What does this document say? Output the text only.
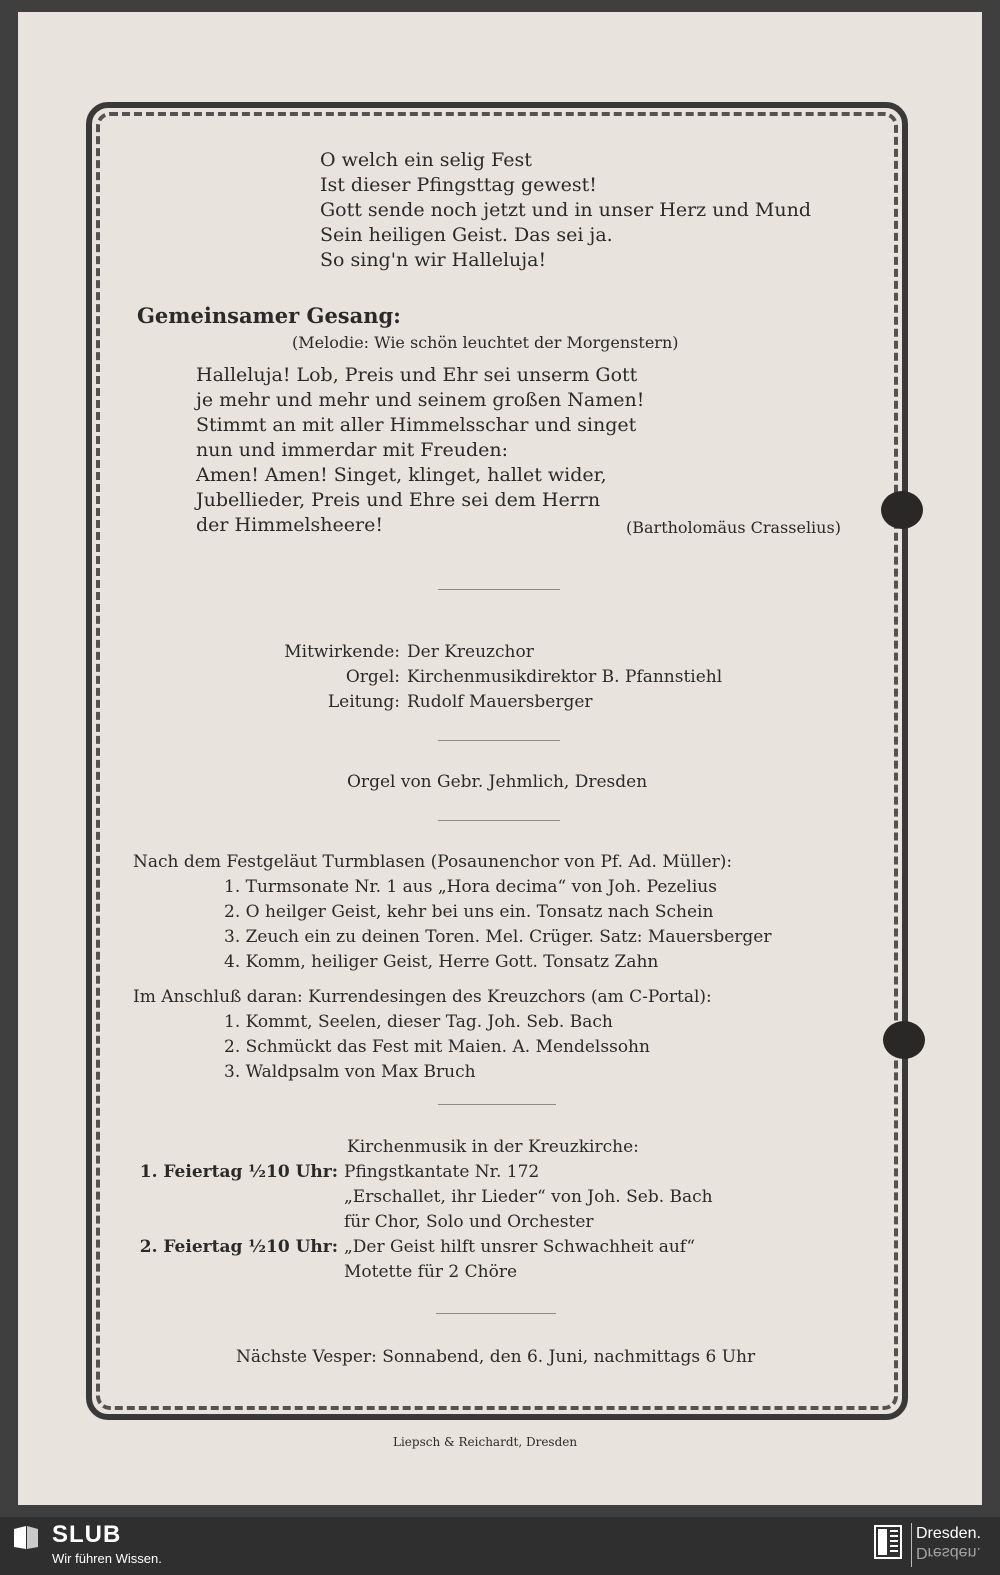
O welch ein selig Fest
Ist dieser Pfingsttag gewest!
Gott sende noch jetzt und in unser Herz und Mund
Sein heiligen Geist. Das sei ja.
So sing'n wir Halleluja!
Gemeinsamer Gesang:
(Melodie: Wie schön leuchtet der Morgenstern)
Halleluja! Lob, Preis und Ehr sei unserm Gott
je mehr und mehr und seinem großen Namen!
Stimmt an mit aller Himmelsschar und singet
nun und immerdar mit Freuden:
Amen! Amen! Singet, klinget, hallet wider,
Jubellieder, Preis und Ehre sei dem Herrn
der Himmelsheere!	(Bartholomäus Crasselius)
Mitwirkende: Der Kreuzchor
Orgel: Kirchenmusikdirektor B. Pfannstiehl
Leitung: Rudolf Mauersberger
Orgel von Gebr. Jehmlich, Dresden
Nach dem Festgeläut Turmblasen (Posaunenchor von Pf. Ad. Müller):
1. Turmsonate Nr. 1 aus „Hora decima“ von Joh. Pezelius
2. O heilger Geist, kehr bei uns ein. Tonsatz nach Schein
3. Zeuch ein zu deinen Toren. Mel. Crüger. Satz: Mauersberger
4. Komm, heiliger Geist, Herre Gott. Tonsatz Zahn
Im Anschluß daran: Kurrendesingen des Kreuzchors (am C-Portal):
1. Kommt, Seelen, dieser Tag. Joh. Seb. Bach
2. Schmückt das Fest mit Maien. A. Mendelssohn
3. Waldpsalm von Max Bruch
Kirchenmusik in der Kreuzkirche:
1. Feiertag ½10 Uhr: Pfingstkantate Nr. 172
„Erschallet, ihr Lieder“ von Joh. Seb. Bach
für Chor, Solo und Orchester
2. Feiertag ½10 Uhr: „Der Geist hilft unsrer Schwachheit auf“
Motette für 2 Chöre
Nächste Vesper: Sonnabend, den 6. Juni, nachmittags 6 Uhr
Liepsch & Reichardt, Dresden
SLUB
Wir führen Wissen.
Dresden.
Dresden.
